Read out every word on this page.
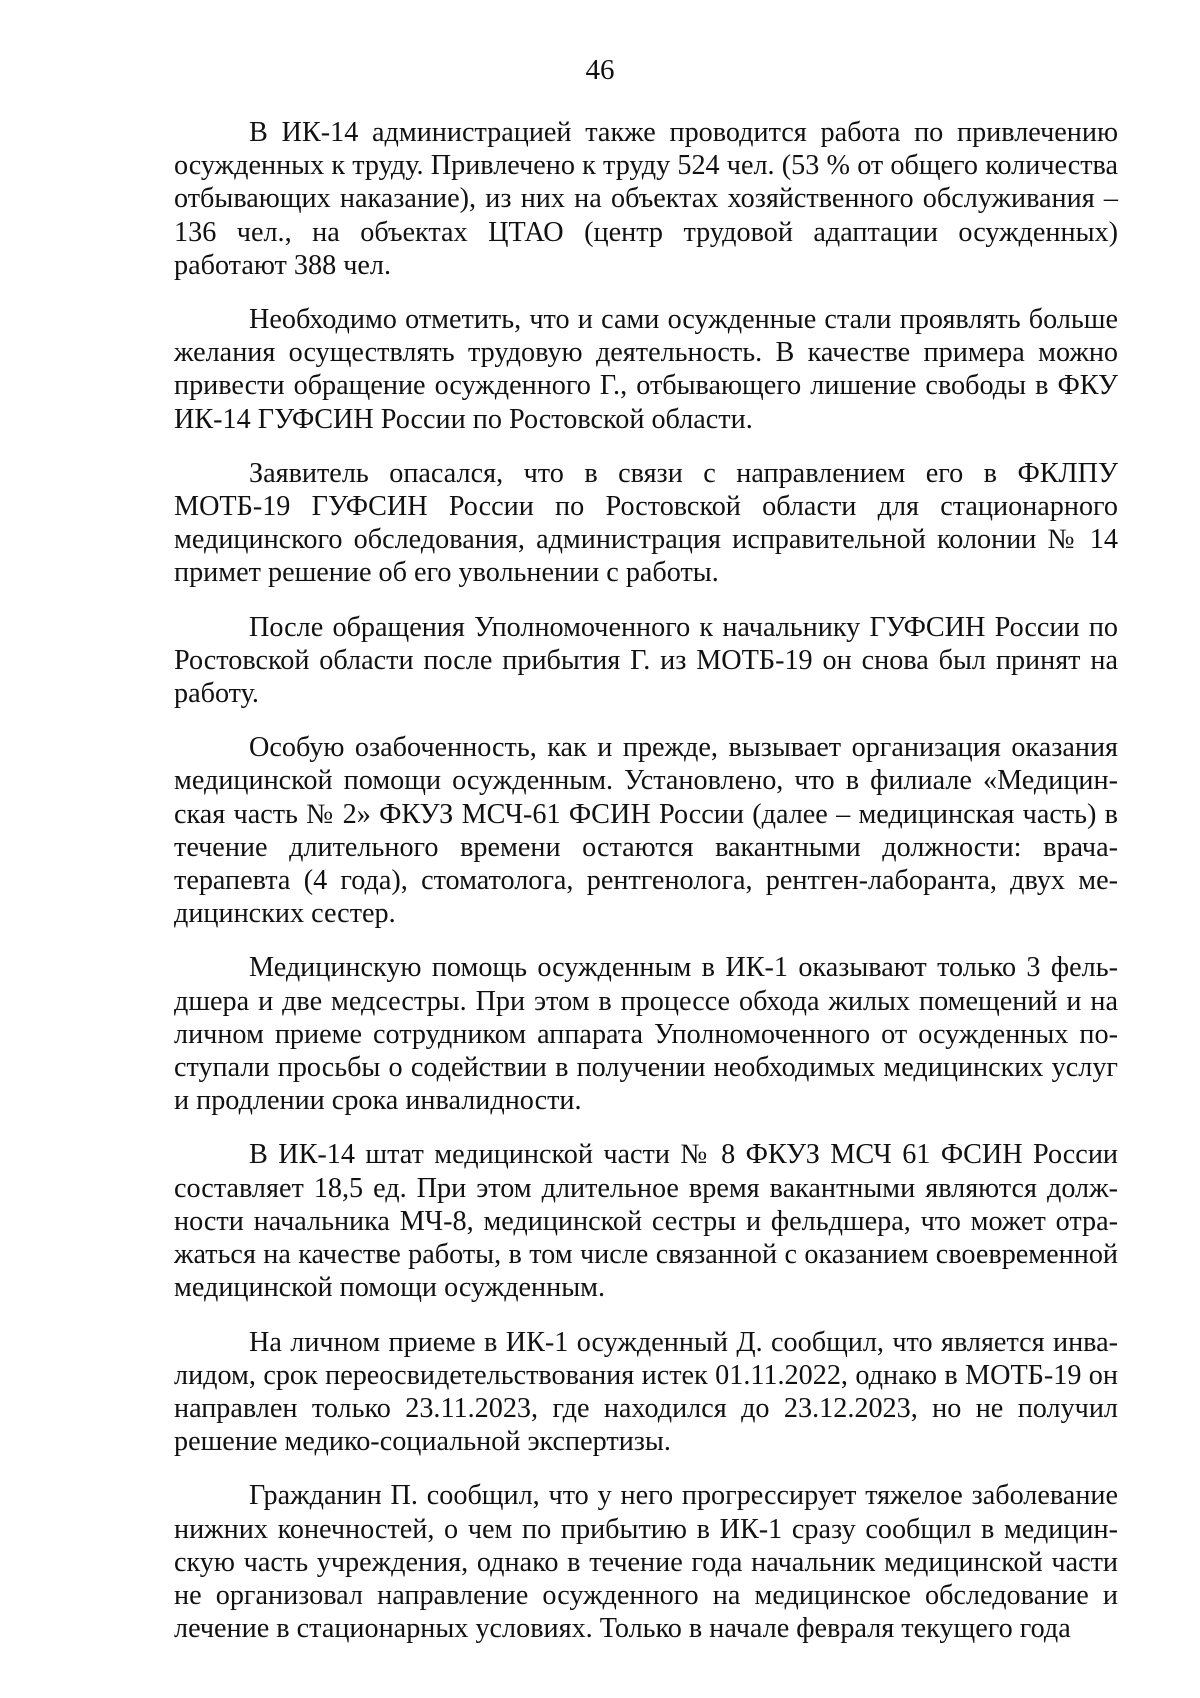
46

В ИК-14 администрацией также проводится работа по привлечению осужденных к труду. Привлечено к труду 524 чел. (53 % от общего количества отбывающих наказание), из них на объектах хозяйственного обслуживания – 136 чел., на объектах ЦТАО (центр трудовой адаптации осужденных) работают 388 чел.

Необходимо отметить, что и сами осужденные стали проявлять больше желания осуществлять трудовую деятельность. В качестве примера можно привести обращение осужденного Г., отбывающего лишение свободы в ФКУ ИК-14 ГУФСИН России по Ростовской области.

Заявитель опасался, что в связи с направлением его в ФКЛПУ МОТБ-19 ГУФСИН России по Ростовской области для стационарного медицинского обследования, администрация исправительной колонии № 14 примет решение об его увольнении с работы.

После обращения Уполномоченного к начальнику ГУФСИН России по Ростовской области после прибытия Г. из МОТБ-19 он снова был принят на работу.

Особую озабоченность, как и прежде, вызывает организация оказания медицинской помощи осужденным. Установлено, что в филиале «Медицинская часть № 2» ФКУЗ МСЧ-61 ФСИН России (далее – медицинская часть) в течение длительного времени остаются вакантными должности: врача-терапевта (4 года), стоматолога, рентгенолога, рентген-лаборанта, двух медицинских сестер.

Медицинскую помощь осужденным в ИК-1 оказывают только 3 фельдшера и две медсестры. При этом в процессе обхода жилых помещений и на личном приеме сотрудником аппарата Уполномоченного от осужденных поступали просьбы о содействии в получении необходимых медицинских услуг и продлении срока инвалидности.

В ИК-14 штат медицинской части № 8 ФКУЗ МСЧ 61 ФСИН России составляет 18,5 ед. При этом длительное время вакантными являются должности начальника МЧ-8, медицинской сестры и фельдшера, что может отражаться на качестве работы, в том числе связанной с оказанием своевременной медицинской помощи осужденным.

На личном приеме в ИК-1 осужденный Д. сообщил, что является инвалидом, срок переосвидетельствования истек 01.11.2022, однако в МОТБ-19 он направлен только 23.11.2023, где находился до 23.12.2023, но не получил решение медико-социальной экспертизы.

Гражданин П. сообщил, что у него прогрессирует тяжелое заболевание нижних конечностей, о чем по прибытию в ИК-1 сразу сообщил в медицинскую часть учреждения, однако в течение года начальник медицинской части не организовал направление осужденного на медицинское обследование и лечение в стационарных условиях. Только в начале февраля текущего года
